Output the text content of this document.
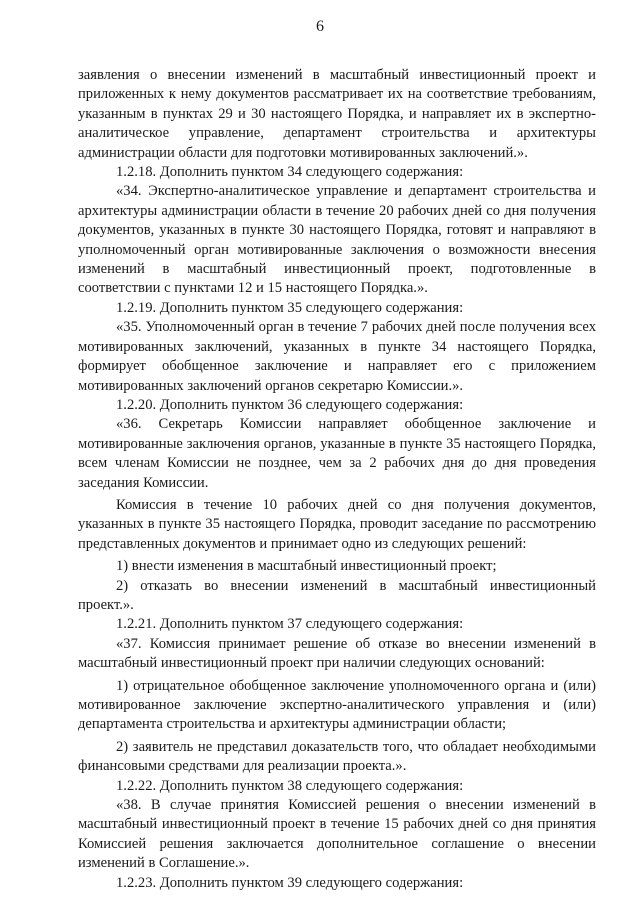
6

заявления о внесении изменений в масштабный инвестиционный проект и приложенных к нему документов рассматривает их на соответствие требованиям, указанным в пунктах 29 и 30 настоящего Порядка, и направляет их в экспертно-аналитическое управление, департамент строительства и архитектуры администрации области для подготовки мотивированных заключений.».

1.2.18. Дополнить пунктом 34 следующего содержания:

«34. Экспертно-аналитическое управление и департамент строительства и архитектуры администрации области в течение 20 рабочих дней со дня получения документов, указанных в пункте 30 настоящего Порядка, готовят и направляют в уполномоченный орган мотивированные заключения о возможности внесения изменений в масштабный инвестиционный проект, подготовленные в соответствии с пунктами 12 и 15 настоящего Порядка.».

1.2.19. Дополнить пунктом 35 следующего содержания:

«35. Уполномоченный орган в течение 7 рабочих дней после получения всех мотивированных заключений, указанных в пункте 34 настоящего Порядка, формирует обобщенное заключение и направляет его с приложением мотивированных заключений органов секретарю Комиссии.».

1.2.20. Дополнить пунктом 36 следующего содержания:

«36. Секретарь Комиссии направляет обобщенное заключение и мотивированные заключения органов, указанные в пункте 35 настоящего Порядка, всем членам Комиссии не позднее, чем за 2 рабочих дня до дня проведения заседания Комиссии.

Комиссия в течение 10 рабочих дней со дня получения документов, указанных в пункте 35 настоящего Порядка, проводит заседание по рассмотрению представленных документов и принимает одно из следующих решений:

1) внести изменения в масштабный инвестиционный проект;

2) отказать во внесении изменений в масштабный инвестиционный проект.».

1.2.21. Дополнить пунктом 37 следующего содержания:

«37. Комиссия принимает решение об отказе во внесении изменений в масштабный инвестиционный проект при наличии следующих оснований:

1) отрицательное обобщенное заключение уполномоченного органа и (или) мотивированное заключение экспертно-аналитического управления и (или) департамента строительства и архитектуры администрации области;

2) заявитель не представил доказательств того, что обладает необходимыми финансовыми средствами для реализации проекта.».

1.2.22. Дополнить пунктом 38 следующего содержания:

«38. В случае принятия Комиссией решения о внесении изменений в масштабный инвестиционный проект в течение 15 рабочих дней со дня принятия Комиссией решения заключается дополнительное соглашение о внесении изменений в Соглашение.».

1.2.23. Дополнить пунктом 39 следующего содержания:
